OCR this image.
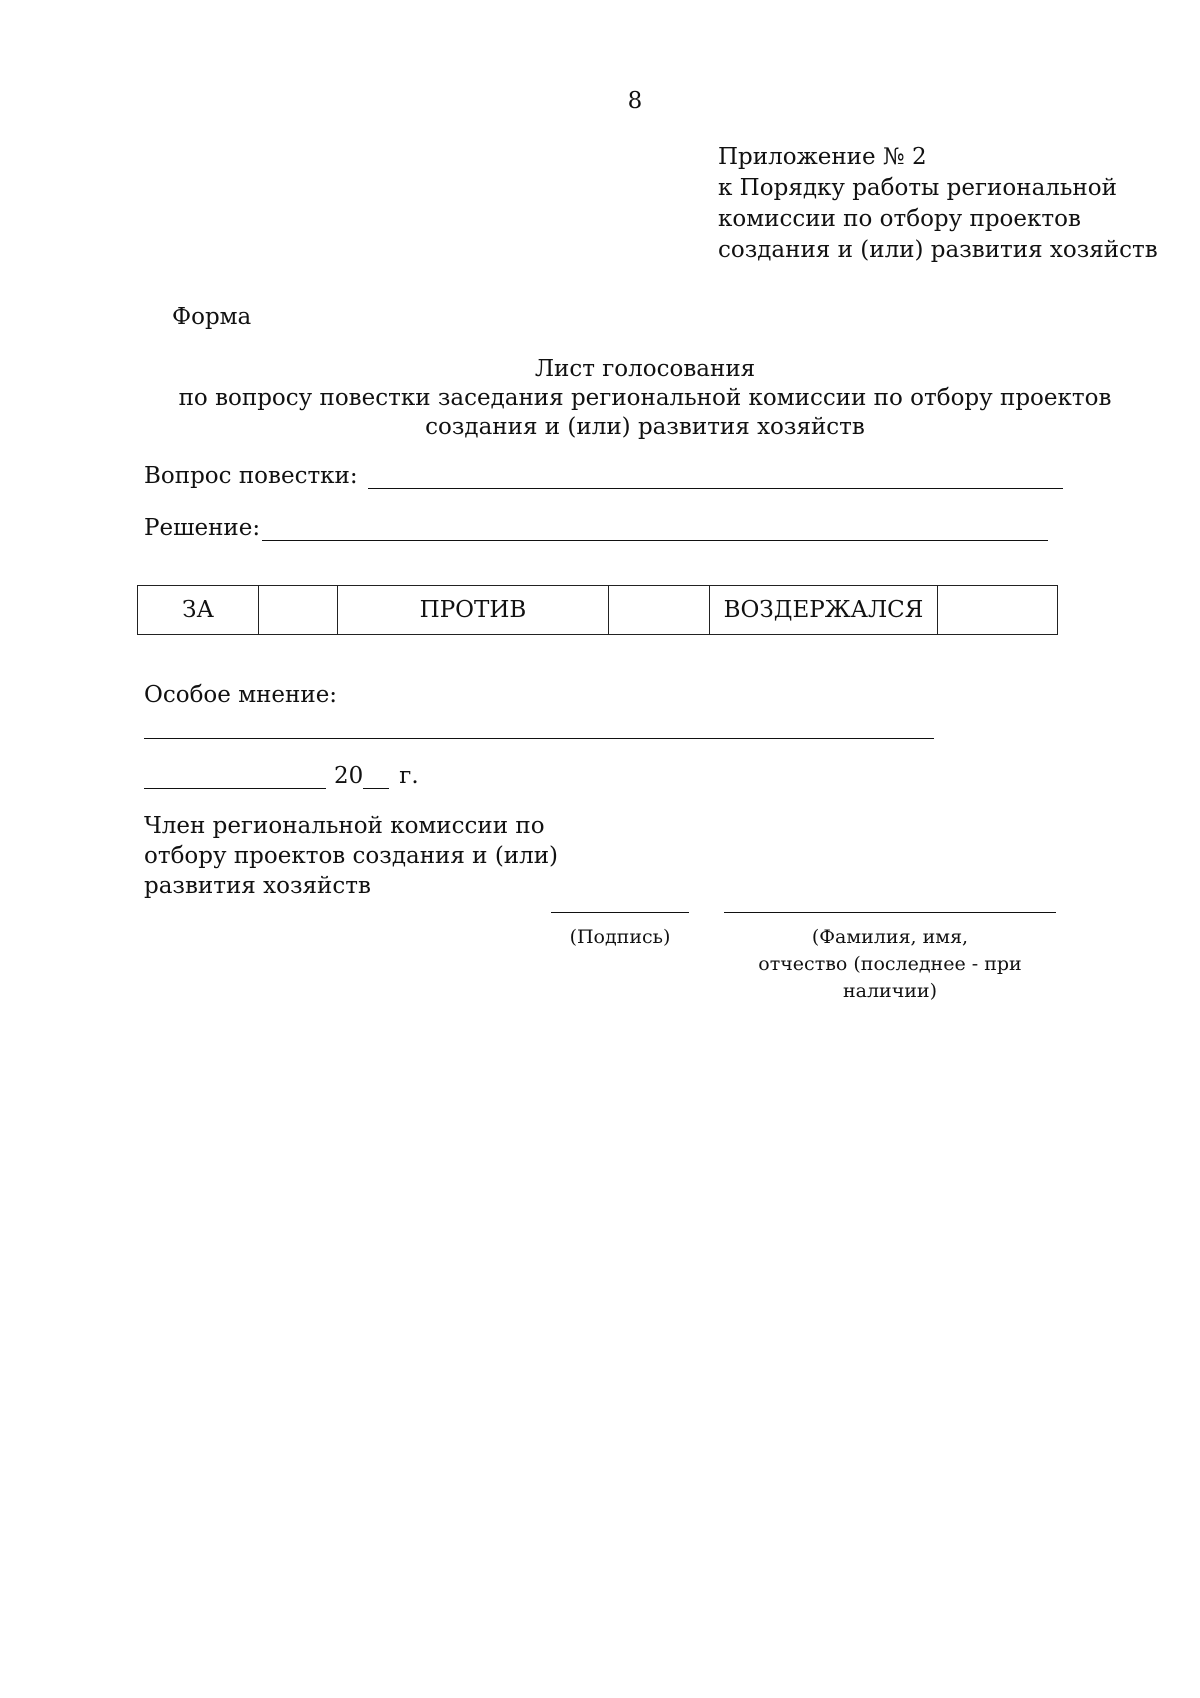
8
Приложение № 2
к Порядку работы региональной
комиссии по отбору проектов
создания и (или) развития хозяйств
Форма
Лист голосования
по вопросу повестки заседания региональной комиссии по отбору проектов
создания и (или) развития хозяйств
Вопрос повестки:
Решение:
ЗА		ПРОТИВ		ВОЗДЕРЖАЛСЯ	
Особое мнение:
20 г.
Член региональной комиссии по
отбору проектов создания и (или)
развития хозяйств
(Подпись)	(Фамилия, имя,
отчество (последнее - при
наличии)
